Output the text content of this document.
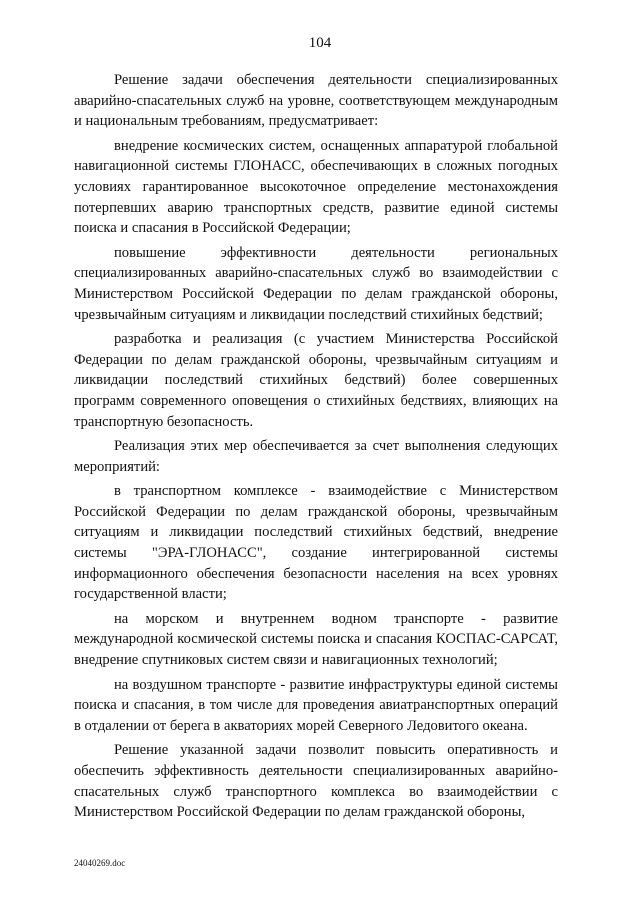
104

Решение задачи обеспечения деятельности специализированных аварийно-спасательных служб на уровне, соответствующем международным и национальным требованиям, предусматривает:

внедрение космических систем, оснащенных аппаратурой глобальной навигационной системы ГЛОНАСС, обеспечивающих в сложных погодных условиях гарантированное высокоточное определение местонахождения потерпевших аварию транспортных средств, развитие единой системы поиска и спасания в Российской Федерации;

повышение эффективности деятельности региональных специализированных аварийно-спасательных служб во взаимодействии с Министерством Российской Федерации по делам гражданской обороны, чрезвычайным ситуациям и ликвидации последствий стихийных бедствий;

разработка и реализация (с участием Министерства Российской Федерации по делам гражданской обороны, чрезвычайным ситуациям и ликвидации последствий стихийных бедствий) более совершенных программ современного оповещения о стихийных бедствиях, влияющих на транспортную безопасность.

Реализация этих мер обеспечивается за счет выполнения следующих мероприятий:

в транспортном комплексе - взаимодействие с Министерством Российской Федерации по делам гражданской обороны, чрезвычайным ситуациям и ликвидации последствий стихийных бедствий, внедрение системы "ЭРА-ГЛОНАСС", создание интегрированной системы информационного обеспечения безопасности населения на всех уровнях государственной власти;

на морском и внутреннем водном транспорте - развитие международной космической системы поиска и спасания КОСПАС-САРСАТ, внедрение спутниковых систем связи и навигационных технологий;

на воздушном транспорте - развитие инфраструктуры единой системы поиска и спасания, в том числе для проведения авиатранспортных операций в отдалении от берега в акваториях морей Северного Ледовитого океана.

Решение указанной задачи позволит повысить оперативность и обеспечить эффективность деятельности специализированных аварийно-спасательных служб транспортного комплекса во взаимодействии с Министерством Российской Федерации по делам гражданской обороны,

24040269.doc
